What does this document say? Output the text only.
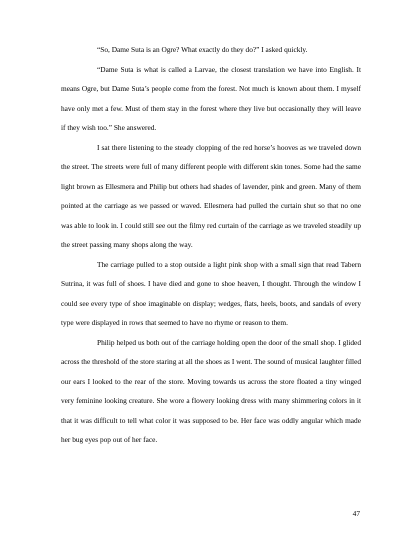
“So, Dame Suta is an Ogre? What exactly do they do?” I asked quickly.

“Dame Suta is what is called a Larvae, the closest translation we have into English. It means Ogre, but Dame Suta’s people come from the forest. Not much is known about them. I myself have only met a few. Must of them stay in the forest where they live but occasionally they will leave if they wish too.” She answered.

I sat there listening to the steady clopping of the red horse’s hooves as we traveled down the street. The streets were full of many different people with different skin tones. Some had the same light brown as Ellesmera and Philip but others had shades of lavender, pink and green. Many of them pointed at the carriage as we passed or waved. Ellesmera had pulled the curtain shut so that no one was able to look in. I could still see out the filmy red curtain of the carriage as we traveled steadily up the street passing many shops along the way.

The carriage pulled to a stop outside a light pink shop with a small sign that read Tabern Sutrina, it was full of shoes. I have died and gone to shoe heaven, I thought. Through the window I could see every type of shoe imaginable on display; wedges, flats, heels, boots, and sandals of every type were displayed in rows that seemed to have no rhyme or reason to them.

Philip helped us both out of the carriage holding open the door of the small shop. I glided across the threshold of the store staring at all the shoes as I went. The sound of musical laughter filled our ears I looked to the rear of the store. Moving towards us across the store floated a tiny winged very feminine looking creature. She wore a flowery looking dress with many shimmering colors in it that it was difficult to tell what color it was supposed to be. Her face was oddly angular which made her bug eyes pop out of her face.

47
